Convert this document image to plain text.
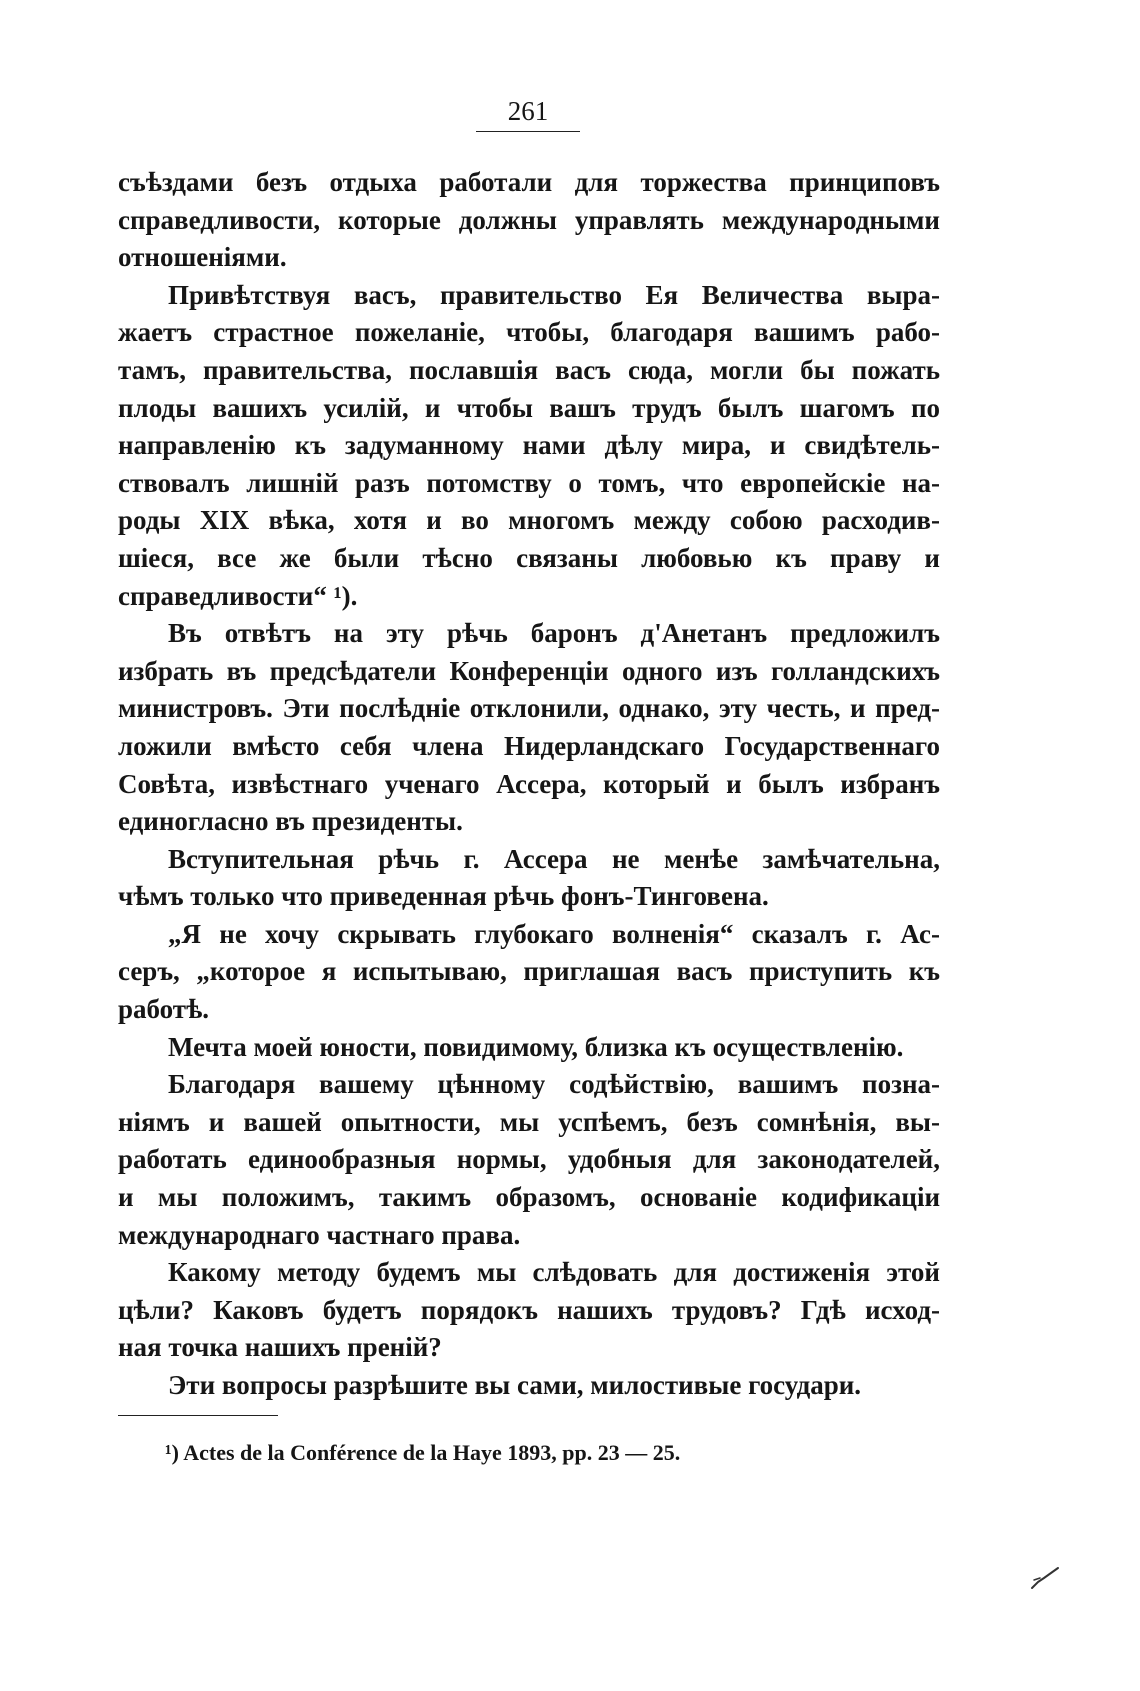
261

съѣздами безъ отдыха работали для торжества принциповъ
справедливости, которые должны управлять международными
отношеніями.

Привѣтствуя васъ, правительство Ея Величества выра-
жаетъ страстное пожеланіе, чтобы, благодаря вашимъ рабо-
тамъ, правительства, пославшія васъ сюда, могли бы пожать
плоды вашихъ усилій, и чтобы вашъ трудъ былъ шагомъ по
направленію къ задуманному нами дѣлу мира, и свидѣтель-
ствовалъ лишній разъ потомству о томъ, что европейскіе на-
роды XIX вѣка, хотя и во многомъ между собою расходив-
шіеся, все же были тѣсно связаны любовью къ праву и
справедливости“ ¹).

Въ отвѣтъ на эту рѣчь баронъ д'Анетанъ предложилъ
избрать въ предсѣдатели Конференціи одного изъ голландскихъ
министровъ. Эти послѣдніе отклонили, однако, эту честь, и пред-
ложили вмѣсто себя члена Нидерландскаго Государственнаго
Совѣта, извѣстнаго ученаго Ассера, который и былъ избранъ
единогласно въ президенты.

Вступительная рѣчь г. Ассера не менѣе замѣчательна,
чѣмъ только что приведенная рѣчь фонъ-Тинговена.

„Я не хочу скрывать глубокаго волненія“ сказалъ г. Ас-
серъ, „которое я испытываю, приглашая васъ приступить къ
работѣ.

Мечта моей юности, повидимому, близка къ осуществленію.

Благодаря вашему цѣнному содѣйствію, вашимъ позна-
ніямъ и вашей опытности, мы успѣемъ, безъ сомнѣнія, вы-
работать единообразныя нормы, удобныя для законодателей,
и мы положимъ, такимъ образомъ, основаніе кодификаціи
международнаго частнаго права.

Какому методу будемъ мы слѣдовать для достиженія этой
цѣли? Каковъ будетъ порядокъ нашихъ трудовъ? Гдѣ исход-
ная точка нашихъ преній?

Эти вопросы разрѣшите вы сами, милостивые государи.

¹) Actes de la Conférence de la Haye 1893, pp. 23 — 25.
